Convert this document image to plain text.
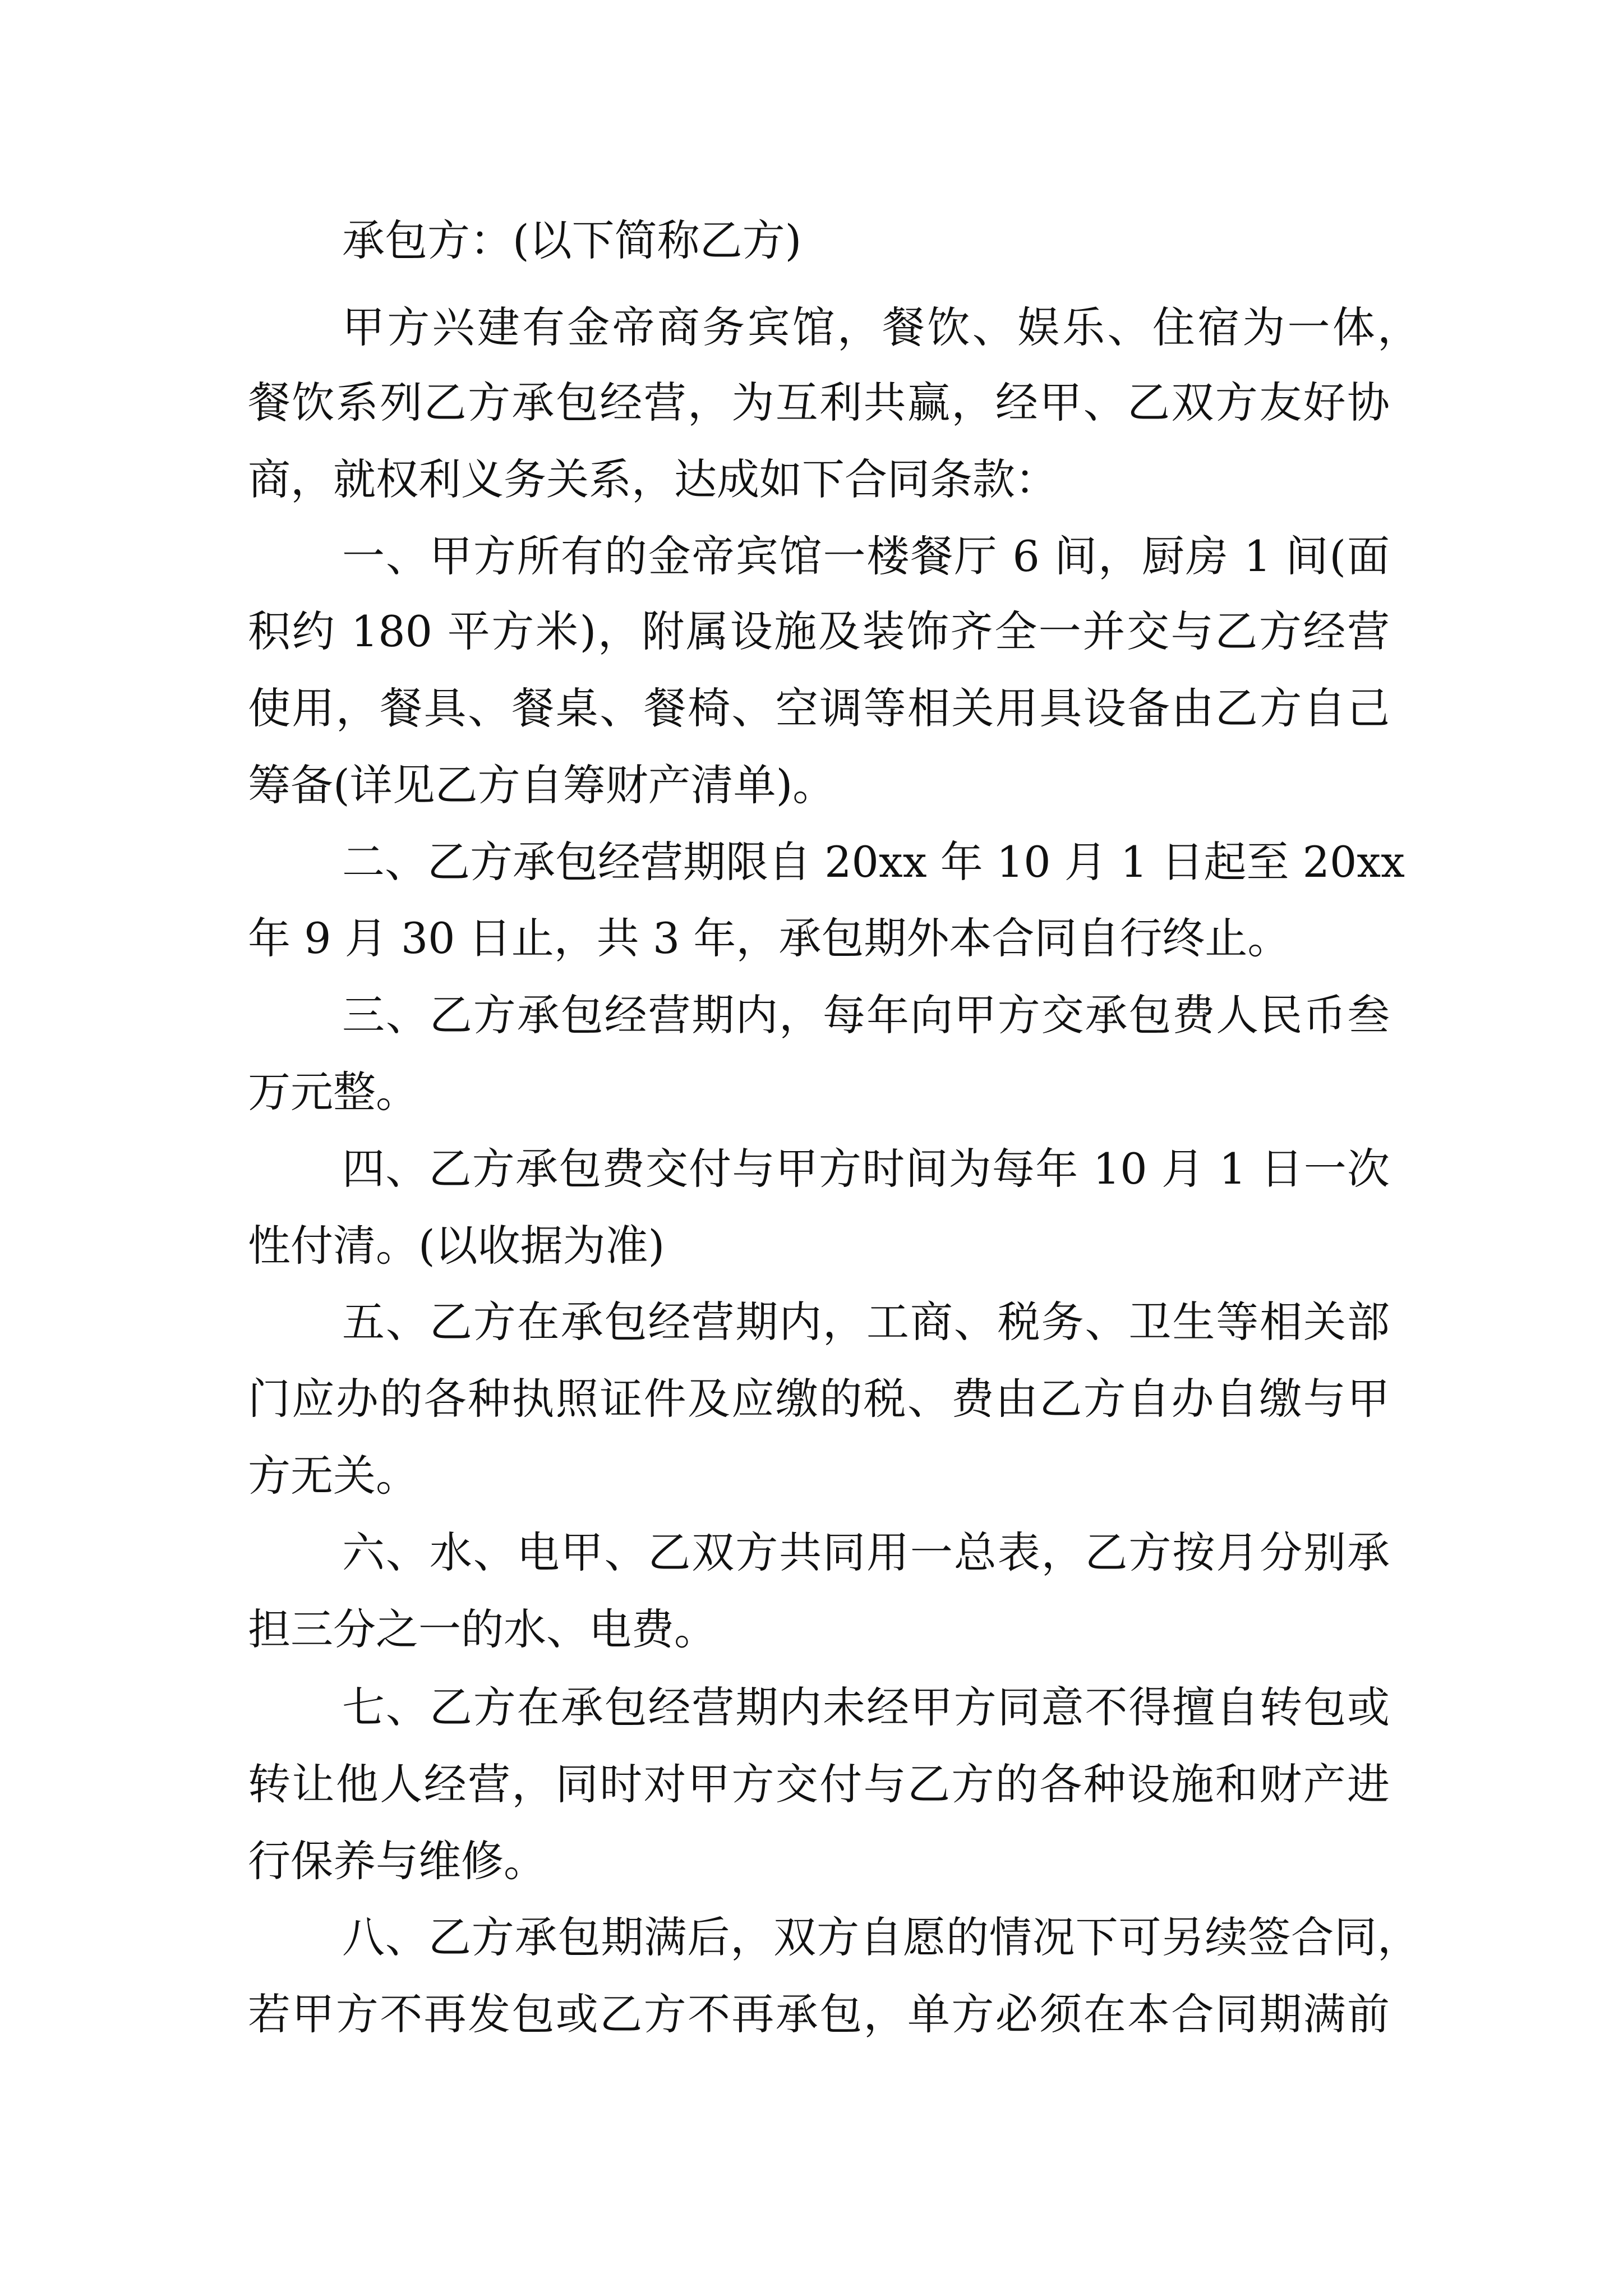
承包方：(以下简称乙方)
甲方兴建有金帝商务宾馆，餐饮、娱乐、住宿为一体，
餐饮系列乙方承包经营，为互利共赢，经甲、乙双方友好协
商，就权利义务关系，达成如下合同条款：
一、甲方所有的金帝宾馆一楼餐厅 6 间，厨房 1 间(面
积约 180 平方米)，附属设施及装饰齐全一并交与乙方经营
使用，餐具、餐桌、餐椅、空调等相关用具设备由乙方自己
筹备(详见乙方自筹财产清单)。
二、乙方承包经营期限自 20xx 年 10 月 1 日起至 20xx
年 9 月 30 日止，共 3 年，承包期外本合同自行终止。
三、乙方承包经营期内，每年向甲方交承包费人民币叁
万元整。
四、乙方承包费交付与甲方时间为每年 10 月 1 日一次
性付清。(以收据为准)
五、乙方在承包经营期内，工商、税务、卫生等相关部
门应办的各种执照证件及应缴的税、费由乙方自办自缴与甲
方无关。
六、水、电甲、乙双方共同用一总表，乙方按月分别承
担三分之一的水、电费。
七、乙方在承包经营期内未经甲方同意不得擅自转包或
转让他人经营，同时对甲方交付与乙方的各种设施和财产进
行保养与维修。
八、乙方承包期满后，双方自愿的情况下可另续签合同，
若甲方不再发包或乙方不再承包，单方必须在本合同期满前
